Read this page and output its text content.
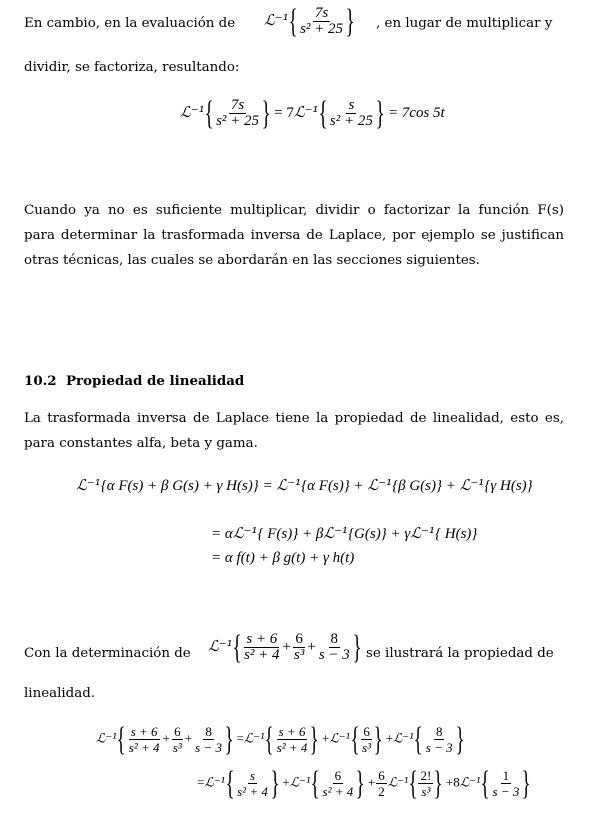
En cambio, en la evaluación de ℒ⁻¹{ $\frac{7s}{\text{s² + 25}}$ } , en lugar de multiplicar y
dividir, se factoriza, resultando:
ℒ⁻¹{ $\frac{7s}{\text{s² + 25}}$ } = 7ℒ⁻¹{ $\frac{s}{\text{s² + 25}}$ } = 7cos 5t
Cuando ya no es suficiente multiplicar, dividir o factorizar la función F(s)
para determinar la trasformada inversa de Laplace, por ejemplo se justifican
otras técnicas, las cuales se abordarán en las secciones siguientes.
10.2 Propiedad de linealidad
La trasformada inversa de Laplace tiene la propiedad de linealidad, esto es,
para constantes alfa, beta y gama.
ℒ⁻¹{α F(s) + β G(s) + γ H(s)} = ℒ⁻¹{α F(s)} + ℒ⁻¹{β G(s)} + ℒ⁻¹{γ H(s)}
= αℒ⁻¹{ F(s)} + βℒ⁻¹{G(s)} + γℒ⁻¹{ H(s)}
= α f(t) + β g(t) + γ h(t)
Con la determinación de ℒ⁻¹{ $\frac{s + 6}{\text{s² + 4}} + \frac{6}{\text{s³}} + \frac{8}{s - 3}$ } se ilustrará la propiedad de
linealidad.
ℒ⁻¹{ $\frac{s + 6}{\text{s² + 4}} + \frac{6}{\text{s³}} + \frac{8}{s - 3}$ } =ℒ⁻¹{ $\frac{s + 6}{\text{s² + 4}}$ } +ℒ⁻¹{ $\frac{6}{\text{s³}}$ } +ℒ⁻¹{ $\frac{8}{s - 3}$ }
=ℒ⁻¹{ $\frac{s}{\text{s² + 4}}$ } +ℒ⁻¹{ $\frac{6}{\text{s² + 4}}$ } + $\frac{6}{2}$ ℒ⁻¹{ $\frac{2!}{\text{s³}}$ } +8ℒ⁻¹{ $\frac{1}{s - 3}$ }
